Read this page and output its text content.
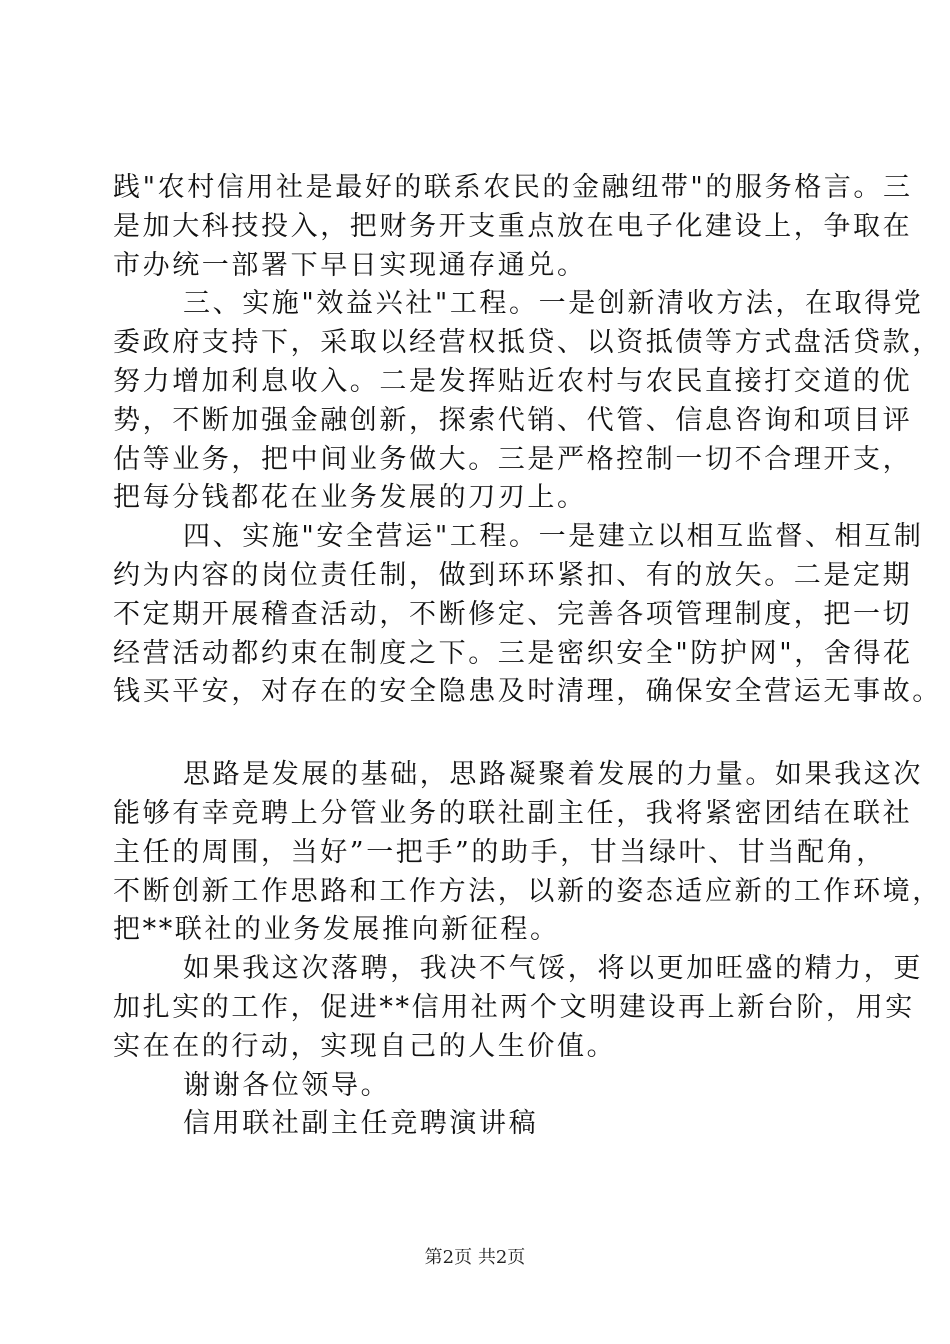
践"农村信用社是最好的联系农民的金融纽带"的服务格言。三
是加大科技投入，把财务开支重点放在电子化建设上，争取在
市办统一部署下早日实现通存通兑。
三、实施"效益兴社"工程。一是创新清收方法，在取得党
委政府支持下，采取以经营权抵贷、以资抵债等方式盘活贷款，
努力增加利息收入。二是发挥贴近农村与农民直接打交道的优
势，不断加强金融创新，探索代销、代管、信息咨询和项目评
估等业务，把中间业务做大。三是严格控制一切不合理开支，
把每分钱都花在业务发展的刀刃上。
四、实施"安全营运"工程。一是建立以相互监督、相互制
约为内容的岗位责任制，做到环环紧扣、有的放矢。二是定期
不定期开展稽查活动，不断修定、完善各项管理制度，把一切
经营活动都约束在制度之下。三是密织安全"防护网"，舍得花
钱买平安，对存在的安全隐患及时清理，确保安全营运无事故。
思路是发展的基础，思路凝聚着发展的力量。如果我这次
能够有幸竞聘上分管业务的联社副主任，我将紧密团结在联社
主任的周围，当好”一把手”的助手，甘当绿叶、甘当配角，
不断创新工作思路和工作方法，以新的姿态适应新的工作环境，
把**联社的业务发展推向新征程。
如果我这次落聘，我决不气馁，将以更加旺盛的精力，更
加扎实的工作，促进**信用社两个文明建设再上新台阶，用实
实在在的行动，实现自己的人生价值。
谢谢各位领导。
信用联社副主任竞聘演讲稿
第2页 共2页
